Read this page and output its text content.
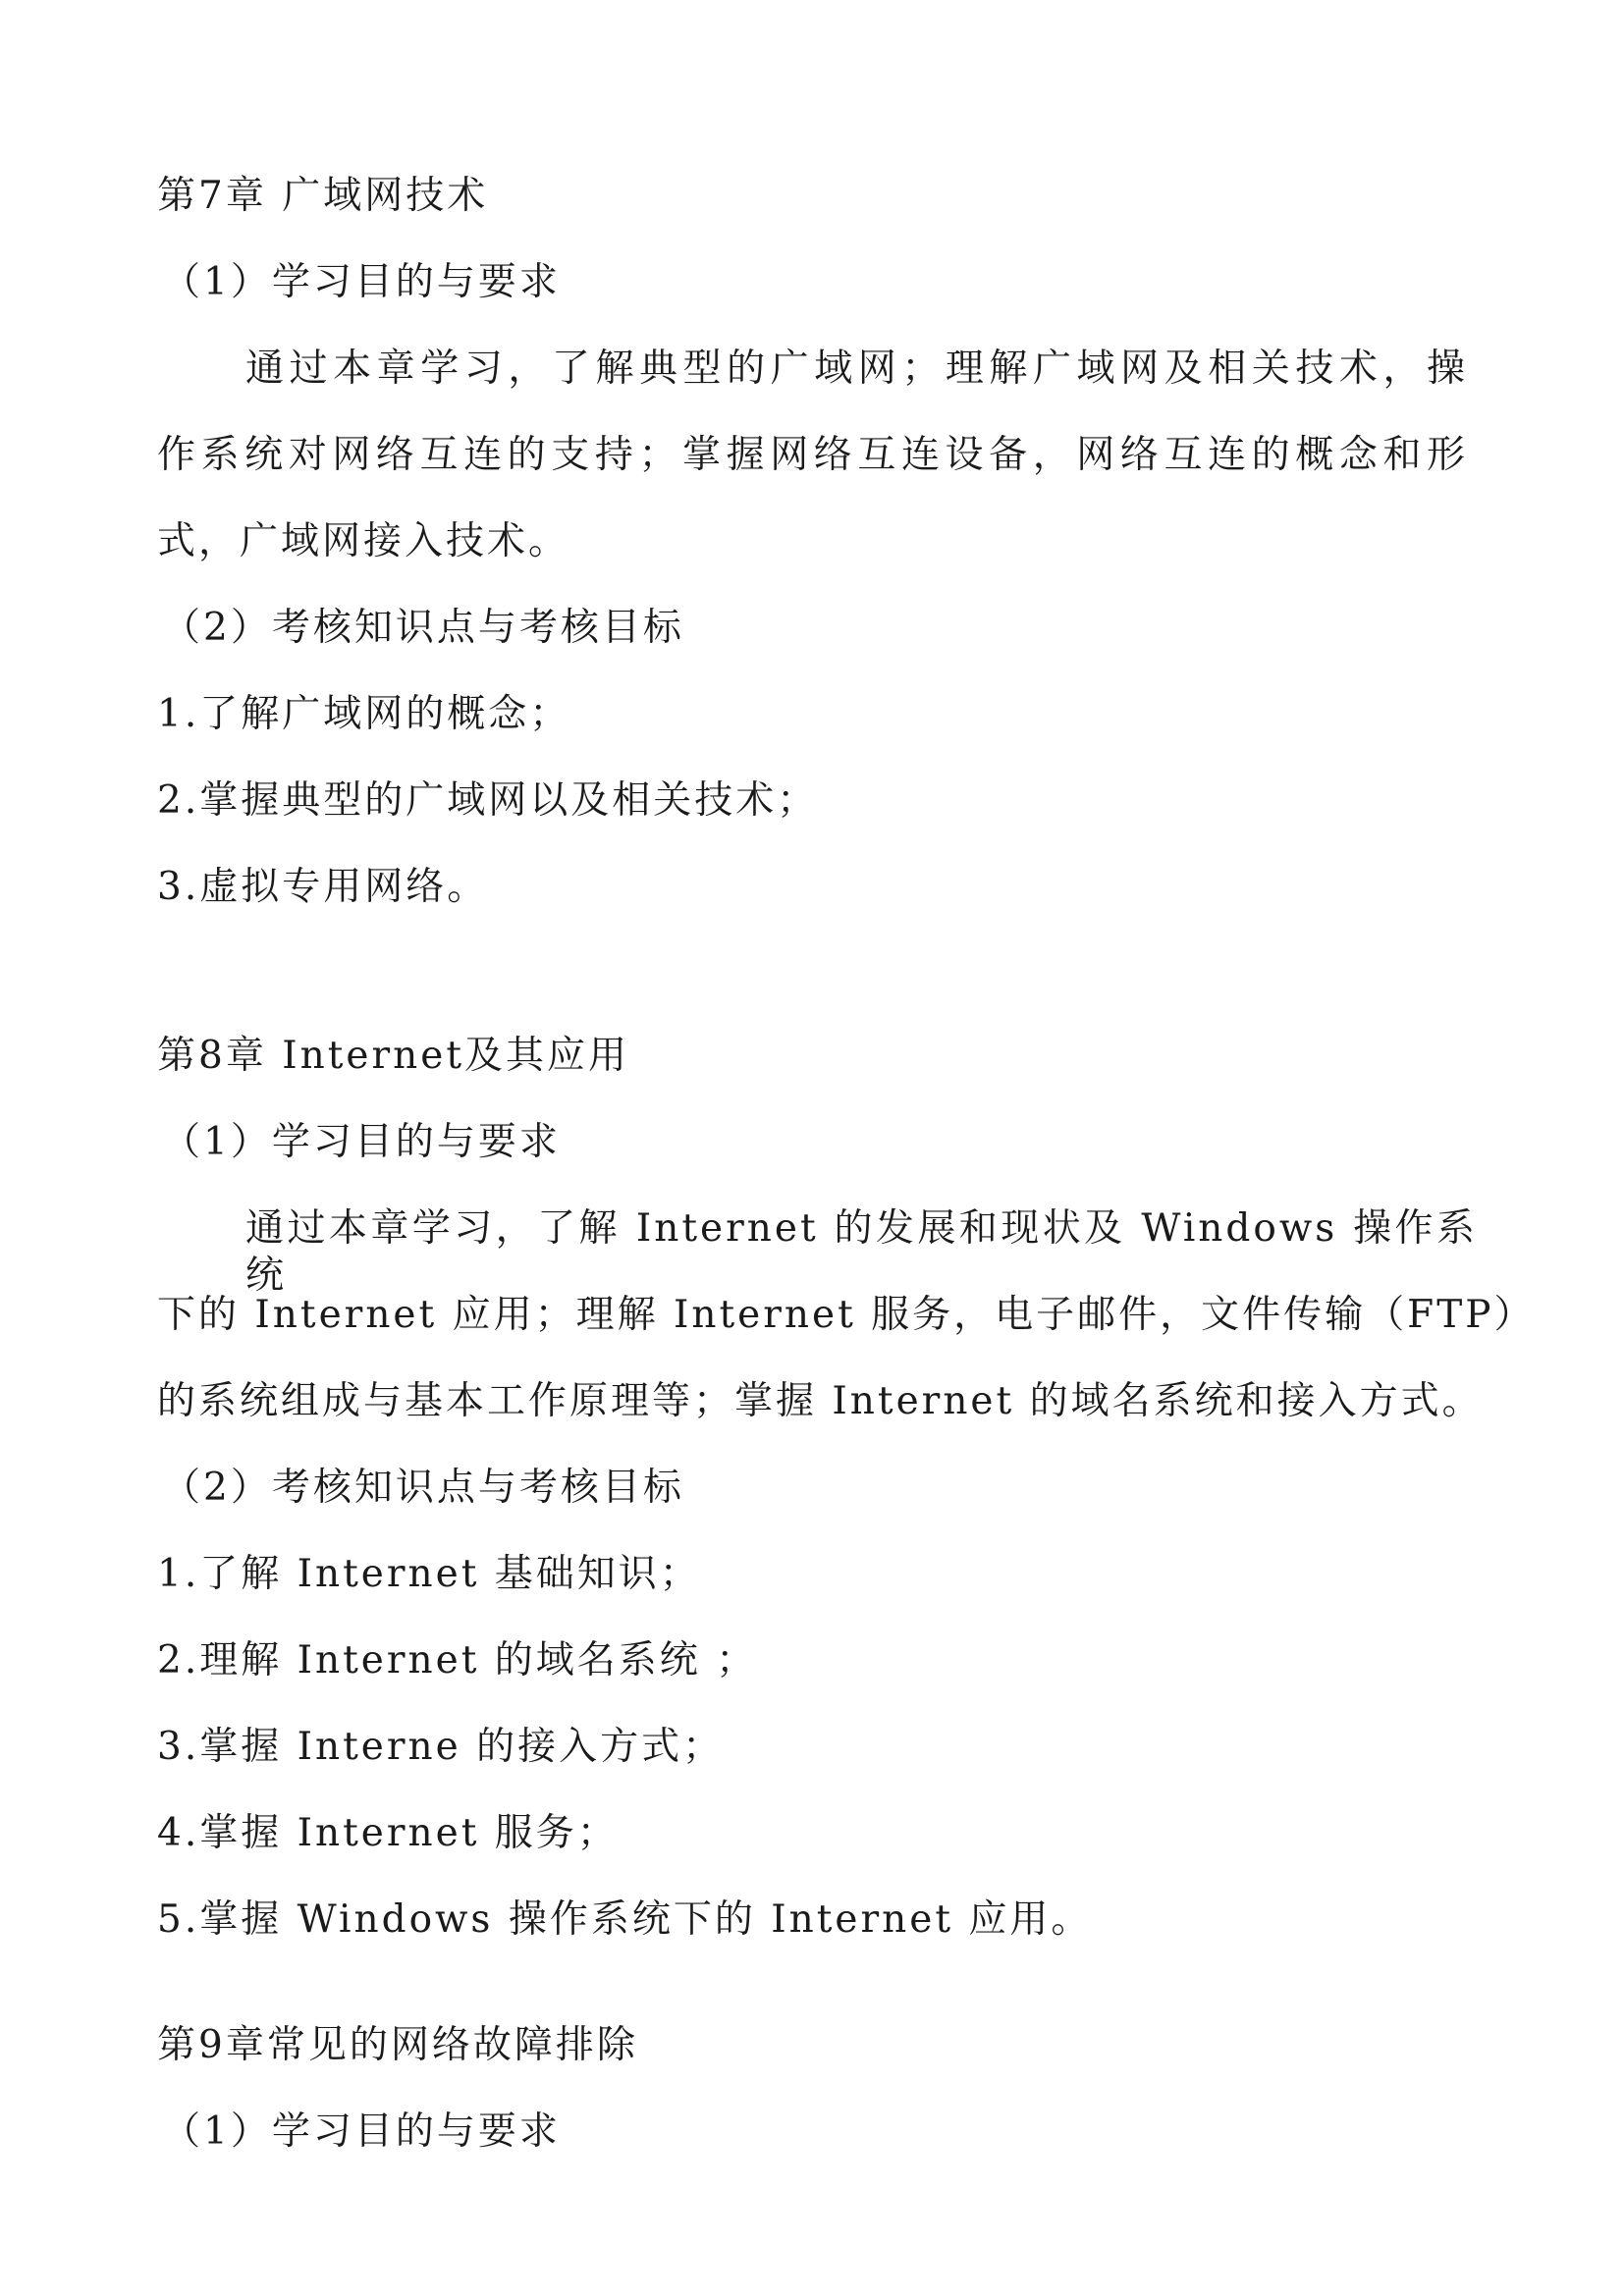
第7章 广域网技术
（1）学习目的与要求
通过本章学习，了解典型的广域网；理解广域网及相关技术，操
作系统对网络互连的支持；掌握网络互连设备，网络互连的概念和形
式，广域网接入技术。
（2）考核知识点与考核目标
1.了解广域网的概念；
2.掌握典型的广域网以及相关技术；
3.虚拟专用网络。
第8章 Internet及其应用
（1）学习目的与要求
通过本章学习，了解 Internet 的发展和现状及 Windows 操作系统
下的 Internet 应用；理解 Internet 服务，电子邮件，文件传输（FTP）
的系统组成与基本工作原理等；掌握 Internet 的域名系统和接入方式。
（2）考核知识点与考核目标
1.了解 Internet 基础知识；
2.理解 Internet 的域名系统 ；
3.掌握 Interne 的接入方式；
4.掌握 Internet 服务；
5.掌握 Windows 操作系统下的 Internet 应用。
第9章常见的网络故障排除
（1）学习目的与要求
